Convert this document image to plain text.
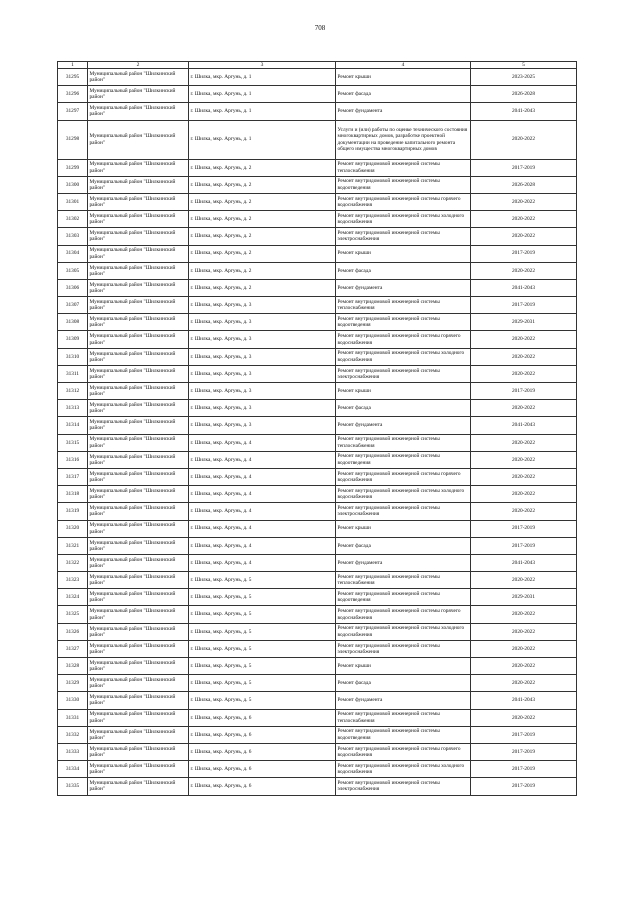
708
1	2	3	4	5
31295	Муниципальный район "Шилкинский район"	г. Шилка, мкр. Аргунь, д. 1	Ремонт крыши	2023-2025
31296	Муниципальный район "Шилкинский район"	г. Шилка, мкр. Аргунь, д. 1	Ремонт фасада	2026-2028
31297	Муниципальный район "Шилкинский район"	г. Шилка, мкр. Аргунь, д. 1	Ремонт фундамента	2041-2043
31298	Муниципальный район "Шилкинский район"	г. Шилка, мкр. Аргунь, д. 1	Услуги и (или) работы по оценке технического состояния многоквартирных домов, разработке проектной документации на проведение капитального ремонта общего имущества многоквартирных домов	2020-2022
31299	Муниципальный район "Шилкинский район"	г. Шилка, мкр. Аргунь, д. 2	Ремонт внутридомовой инженерной системы теплоснабжения	2017-2019
31300	Муниципальный район "Шилкинский район"	г. Шилка, мкр. Аргунь, д. 2	Ремонт внутридомовой инженерной системы водоотведения	2026-2028
31301	Муниципальный район "Шилкинский район"	г. Шилка, мкр. Аргунь, д. 2	Ремонт внутридомовой инженерной системы горячего водоснабжения	2020-2022
31302	Муниципальный район "Шилкинский район"	г. Шилка, мкр. Аргунь, д. 2	Ремонт внутридомовой инженерной системы холодного водоснабжения	2020-2022
31303	Муниципальный район "Шилкинский район"	г. Шилка, мкр. Аргунь, д. 2	Ремонт внутридомовой инженерной системы электроснабжения	2020-2022
31304	Муниципальный район "Шилкинский район"	г. Шилка, мкр. Аргунь, д. 2	Ремонт крыши	2017-2019
31305	Муниципальный район "Шилкинский район"	г. Шилка, мкр. Аргунь, д. 2	Ремонт фасада	2020-2022
31306	Муниципальный район "Шилкинский район"	г. Шилка, мкр. Аргунь, д. 2	Ремонт фундамента	2041-2043
31307	Муниципальный район "Шилкинский район"	г. Шилка, мкр. Аргунь, д. 3	Ремонт внутридомовой инженерной системы теплоснабжения	2017-2019
31308	Муниципальный район "Шилкинский район"	г. Шилка, мкр. Аргунь, д. 3	Ремонт внутридомовой инженерной системы водоотведения	2029-2031
31309	Муниципальный район "Шилкинский район"	г. Шилка, мкр. Аргунь, д. 3	Ремонт внутридомовой инженерной системы горячего водоснабжения	2020-2022
31310	Муниципальный район "Шилкинский район"	г. Шилка, мкр. Аргунь, д. 3	Ремонт внутридомовой инженерной системы холодного водоснабжения	2020-2022
31311	Муниципальный район "Шилкинский район"	г. Шилка, мкр. Аргунь, д. 3	Ремонт внутридомовой инженерной системы электроснабжения	2020-2022
31312	Муниципальный район "Шилкинский район"	г. Шилка, мкр. Аргунь, д. 3	Ремонт крыши	2017-2019
31313	Муниципальный район "Шилкинский район"	г. Шилка, мкр. Аргунь, д. 3	Ремонт фасада	2020-2022
31314	Муниципальный район "Шилкинский район"	г. Шилка, мкр. Аргунь, д. 3	Ремонт фундамента	2041-2043
31315	Муниципальный район "Шилкинский район"	г. Шилка, мкр. Аргунь, д. 4	Ремонт внутридомовой инженерной системы теплоснабжения	2020-2022
31316	Муниципальный район "Шилкинский район"	г. Шилка, мкр. Аргунь, д. 4	Ремонт внутридомовой инженерной системы водоотведения	2020-2022
31317	Муниципальный район "Шилкинский район"	г. Шилка, мкр. Аргунь, д. 4	Ремонт внутридомовой инженерной системы горячего водоснабжения	2020-2022
31318	Муниципальный район "Шилкинский район"	г. Шилка, мкр. Аргунь, д. 4	Ремонт внутридомовой инженерной системы холодного водоснабжения	2020-2022
31319	Муниципальный район "Шилкинский район"	г. Шилка, мкр. Аргунь, д. 4	Ремонт внутридомовой инженерной системы электроснабжения	2020-2022
31320	Муниципальный район "Шилкинский район"	г. Шилка, мкр. Аргунь, д. 4	Ремонт крыши	2017-2019
31321	Муниципальный район "Шилкинский район"	г. Шилка, мкр. Аргунь, д. 4	Ремонт фасада	2017-2019
31322	Муниципальный район "Шилкинский район"	г. Шилка, мкр. Аргунь, д. 4	Ремонт фундамента	2041-2043
31323	Муниципальный район "Шилкинский район"	г. Шилка, мкр. Аргунь, д. 5	Ремонт внутридомовой инженерной системы теплоснабжения	2020-2022
31324	Муниципальный район "Шилкинский район"	г. Шилка, мкр. Аргунь, д. 5	Ремонт внутридомовой инженерной системы водоотведения	2029-2031
31325	Муниципальный район "Шилкинский район"	г. Шилка, мкр. Аргунь, д. 5	Ремонт внутридомовой инженерной системы горячего водоснабжения	2020-2022
31326	Муниципальный район "Шилкинский район"	г. Шилка, мкр. Аргунь, д. 5	Ремонт внутридомовой инженерной системы холодного водоснабжения	2020-2022
31327	Муниципальный район "Шилкинский район"	г. Шилка, мкр. Аргунь, д. 5	Ремонт внутридомовой инженерной системы электроснабжения	2020-2022
31328	Муниципальный район "Шилкинский район"	г. Шилка, мкр. Аргунь, д. 5	Ремонт крыши	2020-2022
31329	Муниципальный район "Шилкинский район"	г. Шилка, мкр. Аргунь, д. 5	Ремонт фасада	2020-2022
31330	Муниципальный район "Шилкинский район"	г. Шилка, мкр. Аргунь, д. 5	Ремонт фундамента	2041-2043
31331	Муниципальный район "Шилкинский район"	г. Шилка, мкр. Аргунь, д. 6	Ремонт внутридомовой инженерной системы теплоснабжения	2020-2022
31332	Муниципальный район "Шилкинский район"	г. Шилка, мкр. Аргунь, д. 6	Ремонт внутридомовой инженерной системы водоотведения	2017-2019
31333	Муниципальный район "Шилкинский район"	г. Шилка, мкр. Аргунь, д. 6	Ремонт внутридомовой инженерной системы горячего водоснабжения	2017-2019
31334	Муниципальный район "Шилкинский район"	г. Шилка, мкр. Аргунь, д. 6	Ремонт внутридомовой инженерной системы холодного водоснабжения	2017-2019
31335	Муниципальный район "Шилкинский район"	г. Шилка, мкр. Аргунь, д. 6	Ремонт внутридомовой инженерной системы электроснабжения	2017-2019
